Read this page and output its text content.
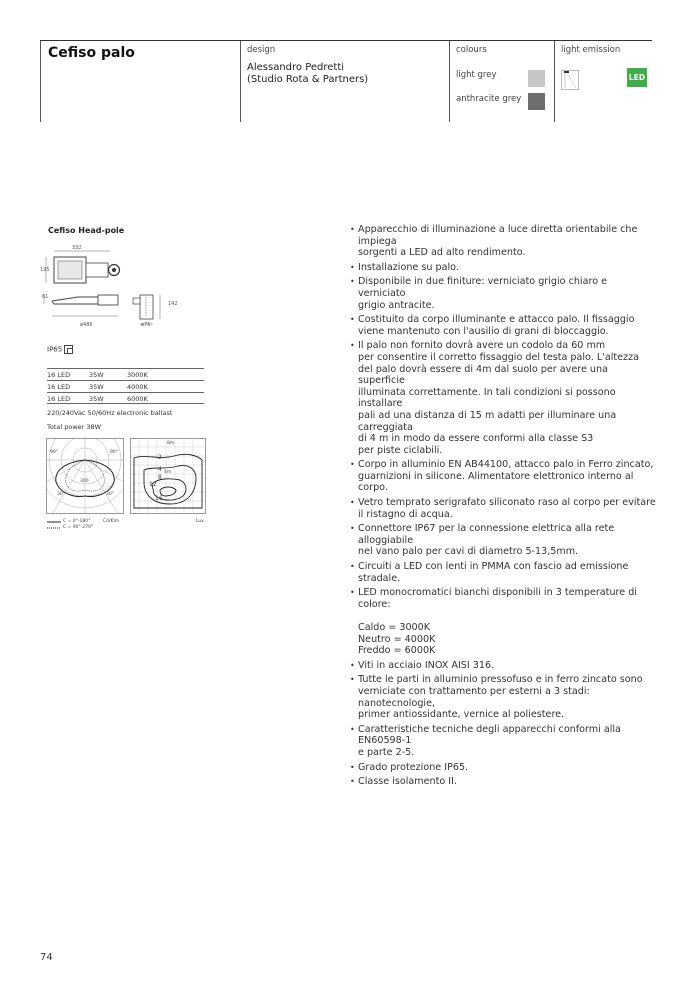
Cefiso palo	design
Alessandro Pedretti
(Studio Rota & Partners)
colours
light grey
anthracite grey
light emission
LED
Cefiso Head-pole
332
195
61
142
ø486	ø76
IP65
16 LED	35W	3000K
16 LED	35W	4000K
16 LED	35W	6000K
220/240Vac 50/60Hz electronic ballast
Total power 38W
90°	90°
300
30°	30°
8m
2
4
8
12
16
4m
C = 0°-180°
C = 90°-270°
Cd/Klm	Lux
• Apparecchio di illuminazione a luce diretta orientabile che impiega
sorgenti a LED ad alto rendimento.
• Installazione su palo.
• Disponibile in due finiture: verniciato grigio chiaro e verniciato
grigio antracite.
• Costituito da corpo illuminante e attacco palo. Il fissaggio
viene mantenuto con l'ausilio di grani di bloccaggio.
• Il palo non fornito dovrà avere un codolo da 60 mm
per consentire il corretto fissaggio del testa palo. L'altezza
del palo dovrà essere di 4m dal suolo per avere una superficie
illuminata correttamente. In tali condizioni si possono installare
pali ad una distanza di 15 m adatti per illuminare una carreggiata
di 4 m in modo da essere conformi alla classe S3
per piste ciclabili.
• Corpo in alluminio EN AB44100, attacco palo in Ferro zincato,
guarnizioni in silicone. Alimentatore elettronico interno al corpo.
• Vetro temprato serigrafato siliconato raso al corpo per evitare
il ristagno di acqua.
• Connettore IP67 per la connessione elettrica alla rete alloggiabile
nel vano palo per cavi di diametro 5-13,5mm.
• Circuiti a LED con lenti in PMMA con fascio ad emissione
stradale.
• LED monocromatici bianchi disponibili in 3 temperature di colore:

Caldo = 3000K
Neutro = 4000K
Freddo = 6000K
• Viti in acciaio INOX AISI 316.
• Tutte le parti in alluminio pressofuso e in ferro zincato sono
verniciate con trattamento per esterni a 3 stadi: nanotecnologie,
primer antiossidante, vernice al poliestere.
• Caratteristiche tecniche degli apparecchi conformi alla EN60598-1
e parte 2-5.
• Grado protezione IP65.
• Classe isolamento II.
74
